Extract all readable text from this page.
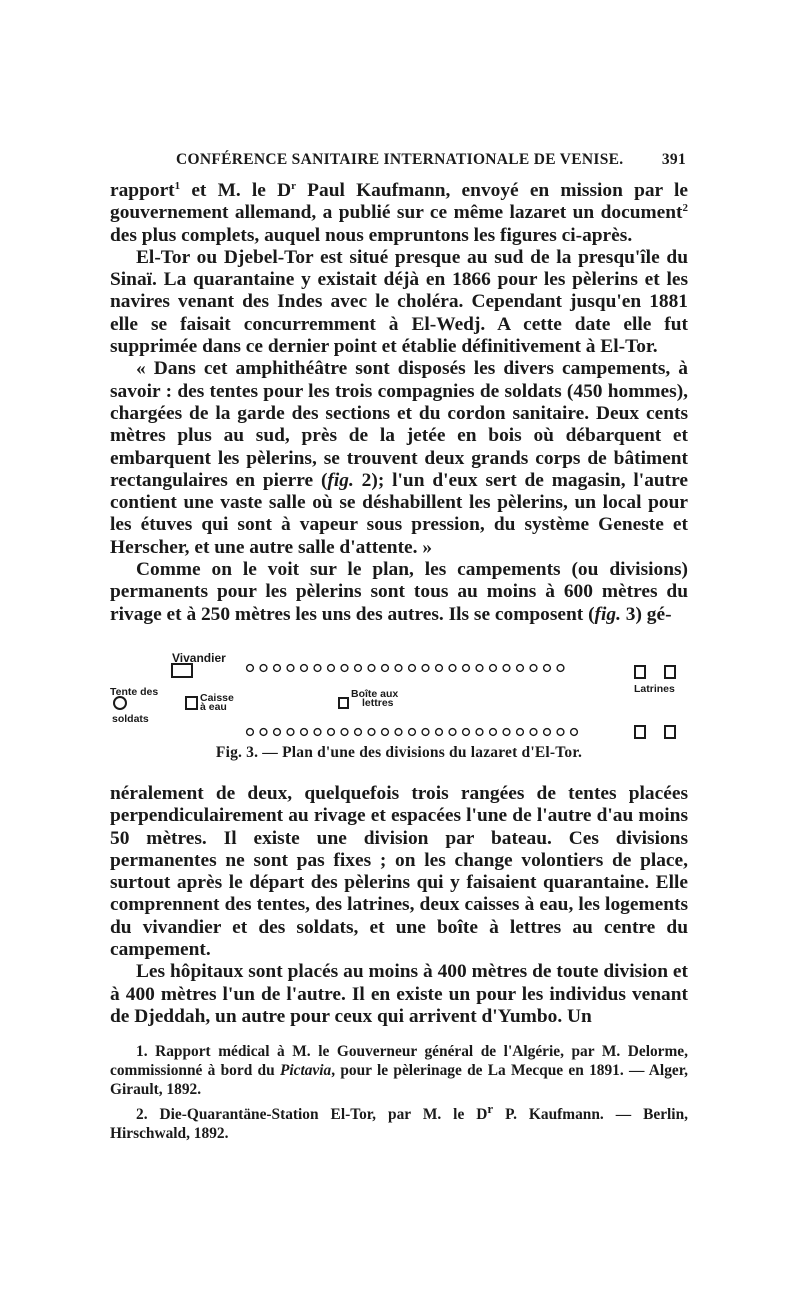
CONFÉRENCE SANITAIRE INTERNATIONALE DE VENISE. 391

rapport$^1$ et M. le $D^r$ Paul Kaufmann, envoyé en mission par le gouvernement allemand, a publié sur ce même lazaret un document$^2$ des plus complets, auquel nous empruntons les figures ci-après.

El-Tor ou Djebel-Tor est situé presque au sud de la presqu'île du Sinaï. La quarantaine y existait déjà en 1866 pour les pèlerins et les navires venant des Indes avec le choléra. Cependant jusqu'en 1881 elle se faisait concurremment à El-Wedj. A cette date elle fut supprimée dans ce dernier point et établie définitivement à El-Tor.

« Dans cet amphithéâtre sont disposés les divers campements, à savoir : des tentes pour les trois compagnies de soldats (450 hommes), chargées de la garde des sections et du cordon sanitaire. Deux cents mètres plus au sud, près de la jetée en bois où débarquent et embarquent les pèlerins, se trouvent deux grands corps de bâtiment rectangulaires en pierre (fig. 2); l'un d'eux sert de magasin, l'autre contient une vaste salle où se déshabillent les pèlerins, un local pour les étuves qui sont à vapeur sous pression, du système Geneste et Herscher, et une autre salle d'attente. »

Comme on le voit sur le plan, les campements (ou divisions) permanents pour les pèlerins sont tous au moins à 600 mètres du rivage et à 250 mètres les uns des autres. Ils se composent (fig. 3) gé-

Vivandier
Tente des
soldats
Caisse
à eau
Boîte aux
lettres
Latrines
Fig. 3. — Plan d'une des divisions du lazaret d'El-Tor.

néralement de deux, quelquefois trois rangées de tentes placées perpendiculairement au rivage et espacées l'une de l'autre d'au moins 50 mètres. Il existe une division par bateau. Ces divisions permanentes ne sont pas fixes ; on les change volontiers de place, surtout après le départ des pèlerins qui y faisaient quarantaine. Elle comprennent des tentes, des latrines, deux caisses à eau, les logements du vivandier et des soldats, et une boîte à lettres au centre du campement.

Les hôpitaux sont placés au moins à 400 mètres de toute division et à 400 mètres l'un de l'autre. Il en existe un pour les individus venant de Djeddah, un autre pour ceux qui arrivent d'Yumbo. Un

1. Rapport médical à M. le Gouverneur général de l'Algérie, par M. Delorme, commissionné à bord du Pictavia, pour le pèlerinage de La Mecque en 1891. — Alger, Girault, 1892.

2. Die-Quarantäne-Station El-Tor, par M. le $D^r$ P. Kaufmann. — Berlin, Hirschwald, 1892.
